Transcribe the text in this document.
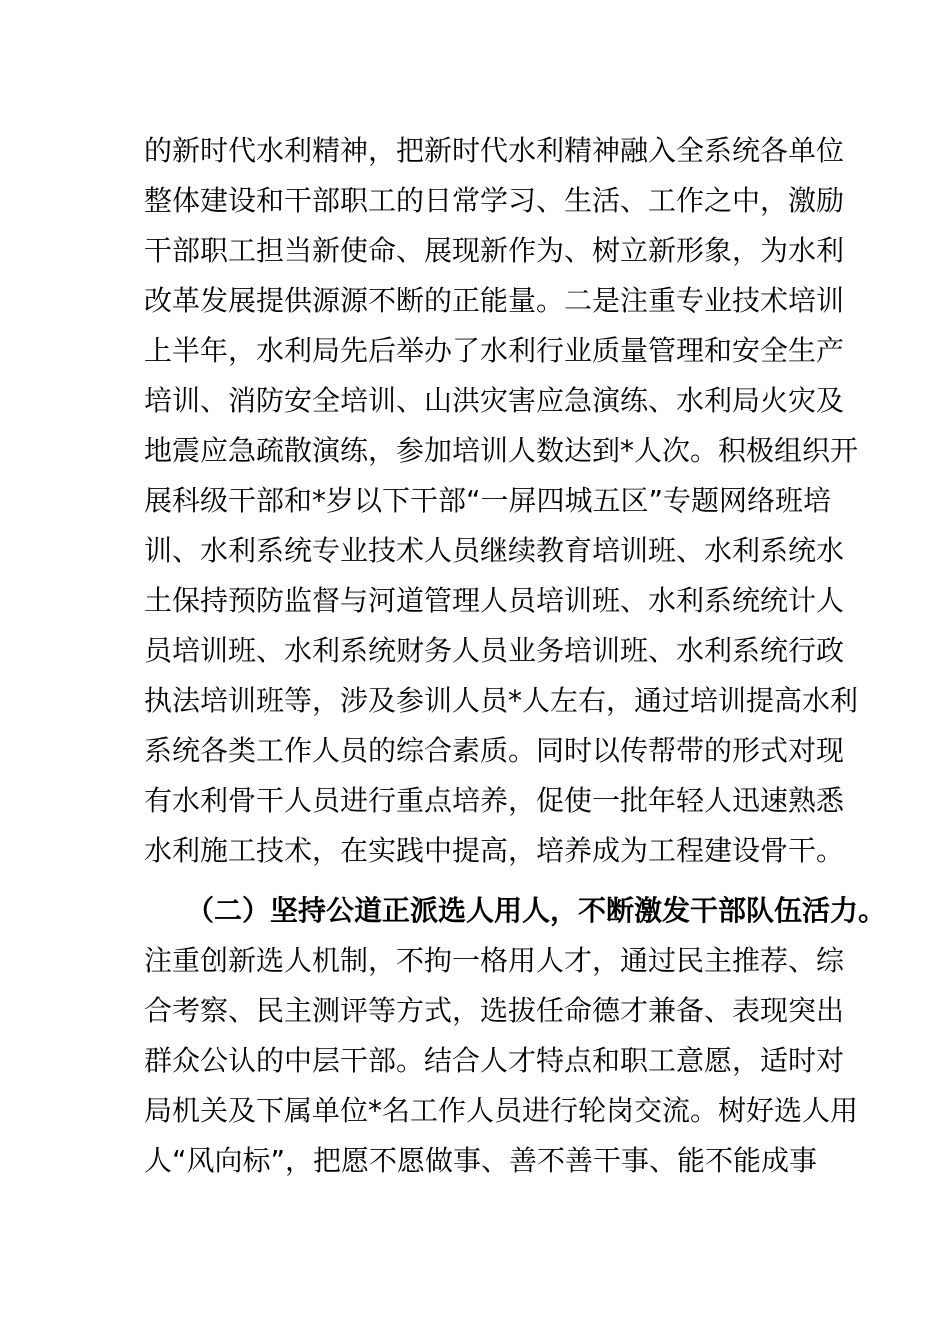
的新时代水利精神，把新时代水利精神融入全系统各单位
整体建设和干部职工的日常学习、生活、工作之中，激励
干部职工担当新使命、展现新作为、树立新形象，为水利
改革发展提供源源不断的正能量。二是注重专业技术培训
上半年，水利局先后举办了水利行业质量管理和安全生产
培训、消防安全培训、山洪灾害应急演练、水利局火灾及
地震应急疏散演练，参加培训人数达到*人次。积极组织开
展科级干部和*岁以下干部“一屏四城五区”专题网络班培
训、水利系统专业技术人员继续教育培训班、水利系统水
土保持预防监督与河道管理人员培训班、水利系统统计人
员培训班、水利系统财务人员业务培训班、水利系统行政
执法培训班等，涉及参训人员*人左右，通过培训提高水利
系统各类工作人员的综合素质。同时以传帮带的形式对现
有水利骨干人员进行重点培养，促使一批年轻人迅速熟悉
水利施工技术，在实践中提高，培养成为工程建设骨干。
（二）坚持公道正派选人用人，不断激发干部队伍活力。
注重创新选人机制，不拘一格用人才，通过民主推荐、综
合考察、民主测评等方式，选拔任命德才兼备、表现突出
群众公认的中层干部。结合人才特点和职工意愿，适时对
局机关及下属单位*名工作人员进行轮岗交流。树好选人用
人“风向标”，把愿不愿做事、善不善干事、能不能成事
